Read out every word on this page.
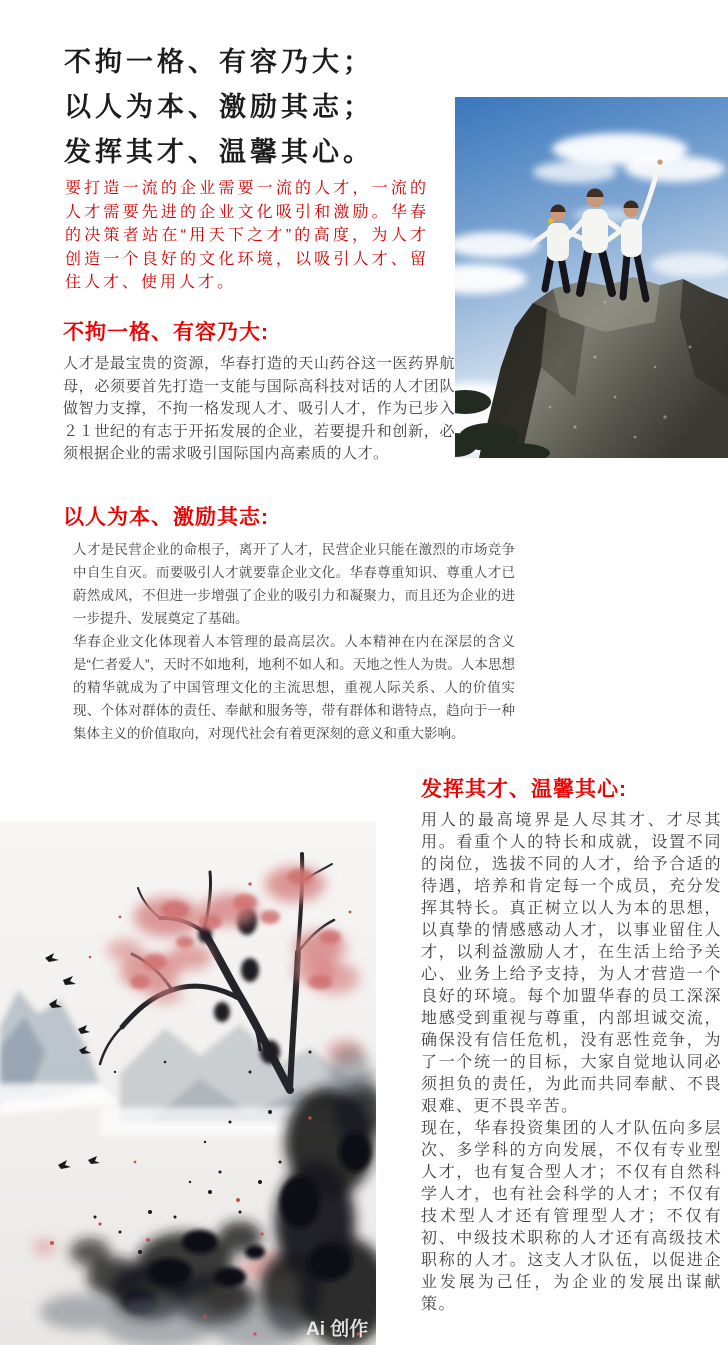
不拘一格、有容乃大；
以人为本、激励其志；
发挥其才、温馨其心。

要打造一流的企业需要一流的人才，一流的人才需要先进的企业文化吸引和激励。华春的决策者站在“用天下之才”的高度，为人才创造一个良好的文化环境，以吸引人才、留住人才、使用人才。

不拘一格、有容乃大:

人才是最宝贵的资源，华春打造的天山药谷这一医药界航母，必须要首先打造一支能与国际高科技对话的人才团队做智力支撑，不拘一格发现人才、吸引人才，作为已步入２１世纪的有志于开拓发展的企业，若要提升和创新，必须根据企业的需求吸引国际国内高素质的人才。

以人为本、激励其志:

人才是民营企业的命根子，离开了人才，民营企业只能在激烈的市场竞争中自生自灭。而要吸引人才就要靠企业文化。华春尊重知识、尊重人才已蔚然成风，不但进一步增强了企业的吸引力和凝聚力，而且还为企业的进一步提升、发展奠定了基础。

华春企业文化体现着人本管理的最高层次。人本精神在内在深层的含义是“仁者爱人”，天时不如地利，地利不如人和。天地之性人为贵。人本思想的精华就成为了中国管理文化的主流思想，重视人际关系、人的价值实现、个体对群体的责任、奉献和服务等，带有群体和谐特点，趋向于一种集体主义的价值取向，对现代社会有着更深刻的意义和重大影响。

发挥其才、温馨其心:

用人的最高境界是人尽其才、才尽其用。看重个人的特长和成就，设置不同的岗位，选拔不同的人才，给予合适的待遇，培养和肯定每一个成员，充分发挥其特长。真正树立以人为本的思想，以真挚的情感感动人才，以事业留住人才，以利益激励人才，在生活上给予关心、业务上给予支持，为人才营造一个良好的环境。每个加盟华春的员工深深地感受到重视与尊重，内部坦诚交流，确保没有信任危机，没有恶性竞争，为了一个统一的目标，大家自觉地认同必须担负的责任，为此而共同奉献、不畏艰难、更不畏辛苦。

现在，华春投资集团的人才队伍向多层次、多学科的方向发展，不仅有专业型人才，也有复合型人才；不仅有自然科学人才，也有社会科学的人才；不仅有技术型人才还有管理型人才；不仅有初、中级技术职称的人才还有高级技术职称的人才。这支人才队伍，以促进企业发展为己任，为企业的发展出谋献策。

Ai 创作
